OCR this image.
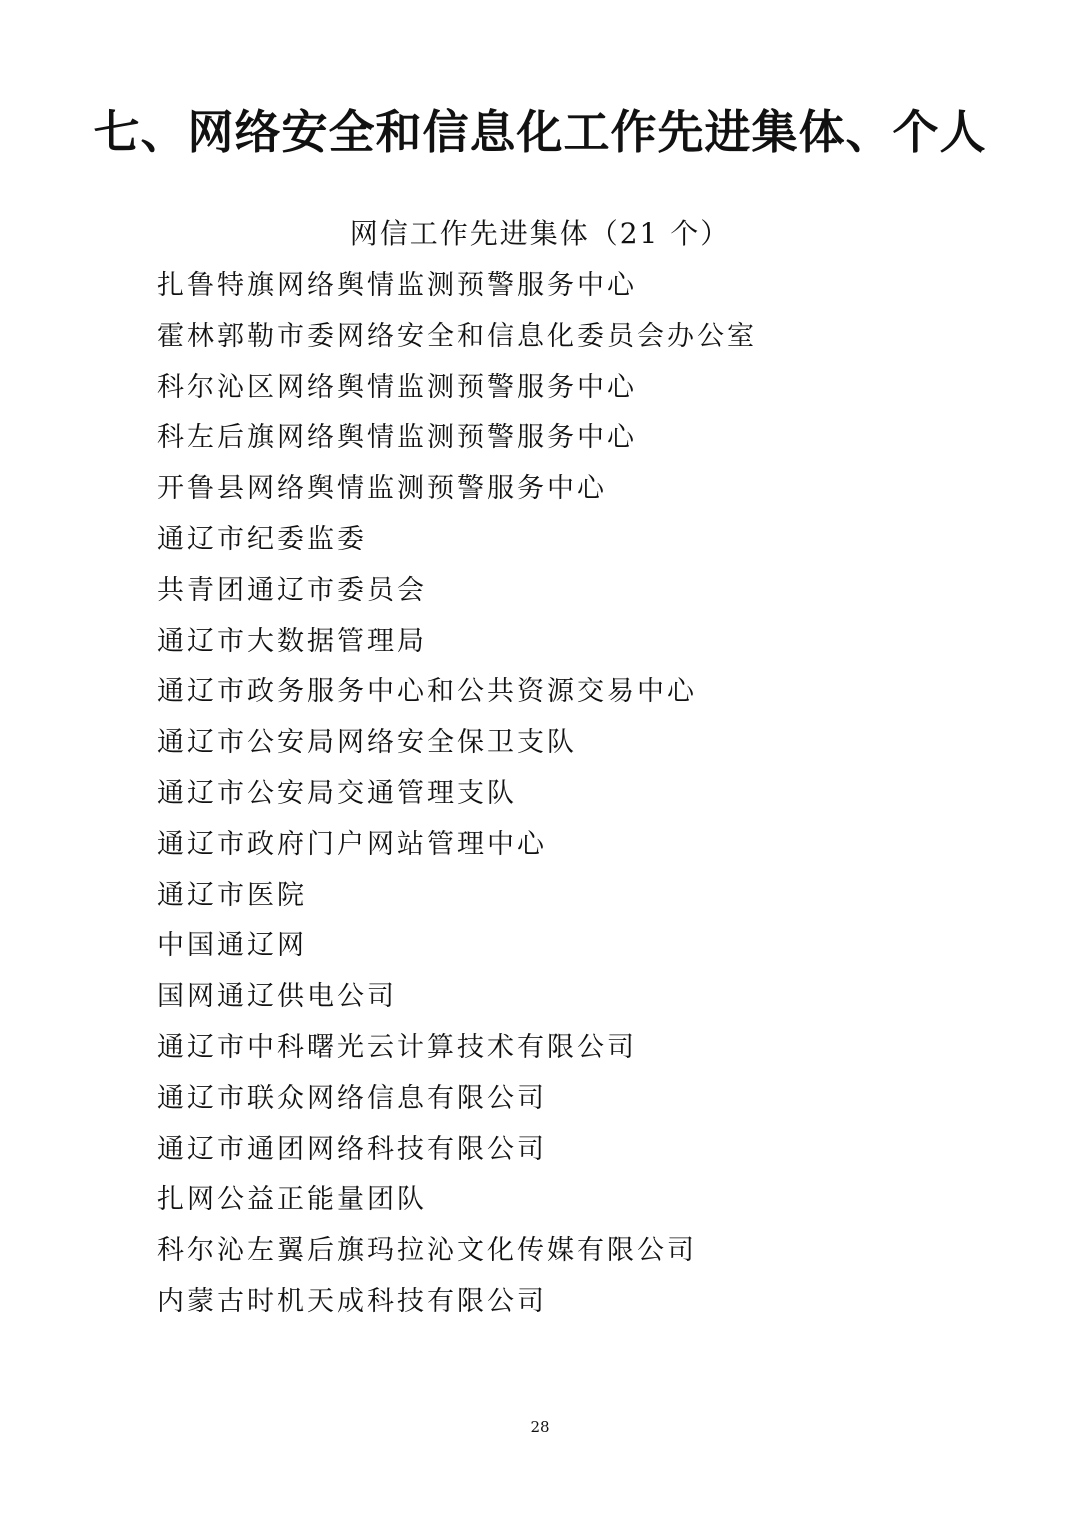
七、网络安全和信息化工作先进集体、个人
网信工作先进集体（21 个）
扎鲁特旗网络舆情监测预警服务中心
霍林郭勒市委网络安全和信息化委员会办公室
科尔沁区网络舆情监测预警服务中心
科左后旗网络舆情监测预警服务中心
开鲁县网络舆情监测预警服务中心
通辽市纪委监委
共青团通辽市委员会
通辽市大数据管理局
通辽市政务服务中心和公共资源交易中心
通辽市公安局网络安全保卫支队
通辽市公安局交通管理支队
通辽市政府门户网站管理中心
通辽市医院
中国通辽网
国网通辽供电公司
通辽市中科曙光云计算技术有限公司
通辽市联众网络信息有限公司
通辽市通团网络科技有限公司
扎网公益正能量团队
科尔沁左翼后旗玛拉沁文化传媒有限公司
内蒙古时机天成科技有限公司
28
